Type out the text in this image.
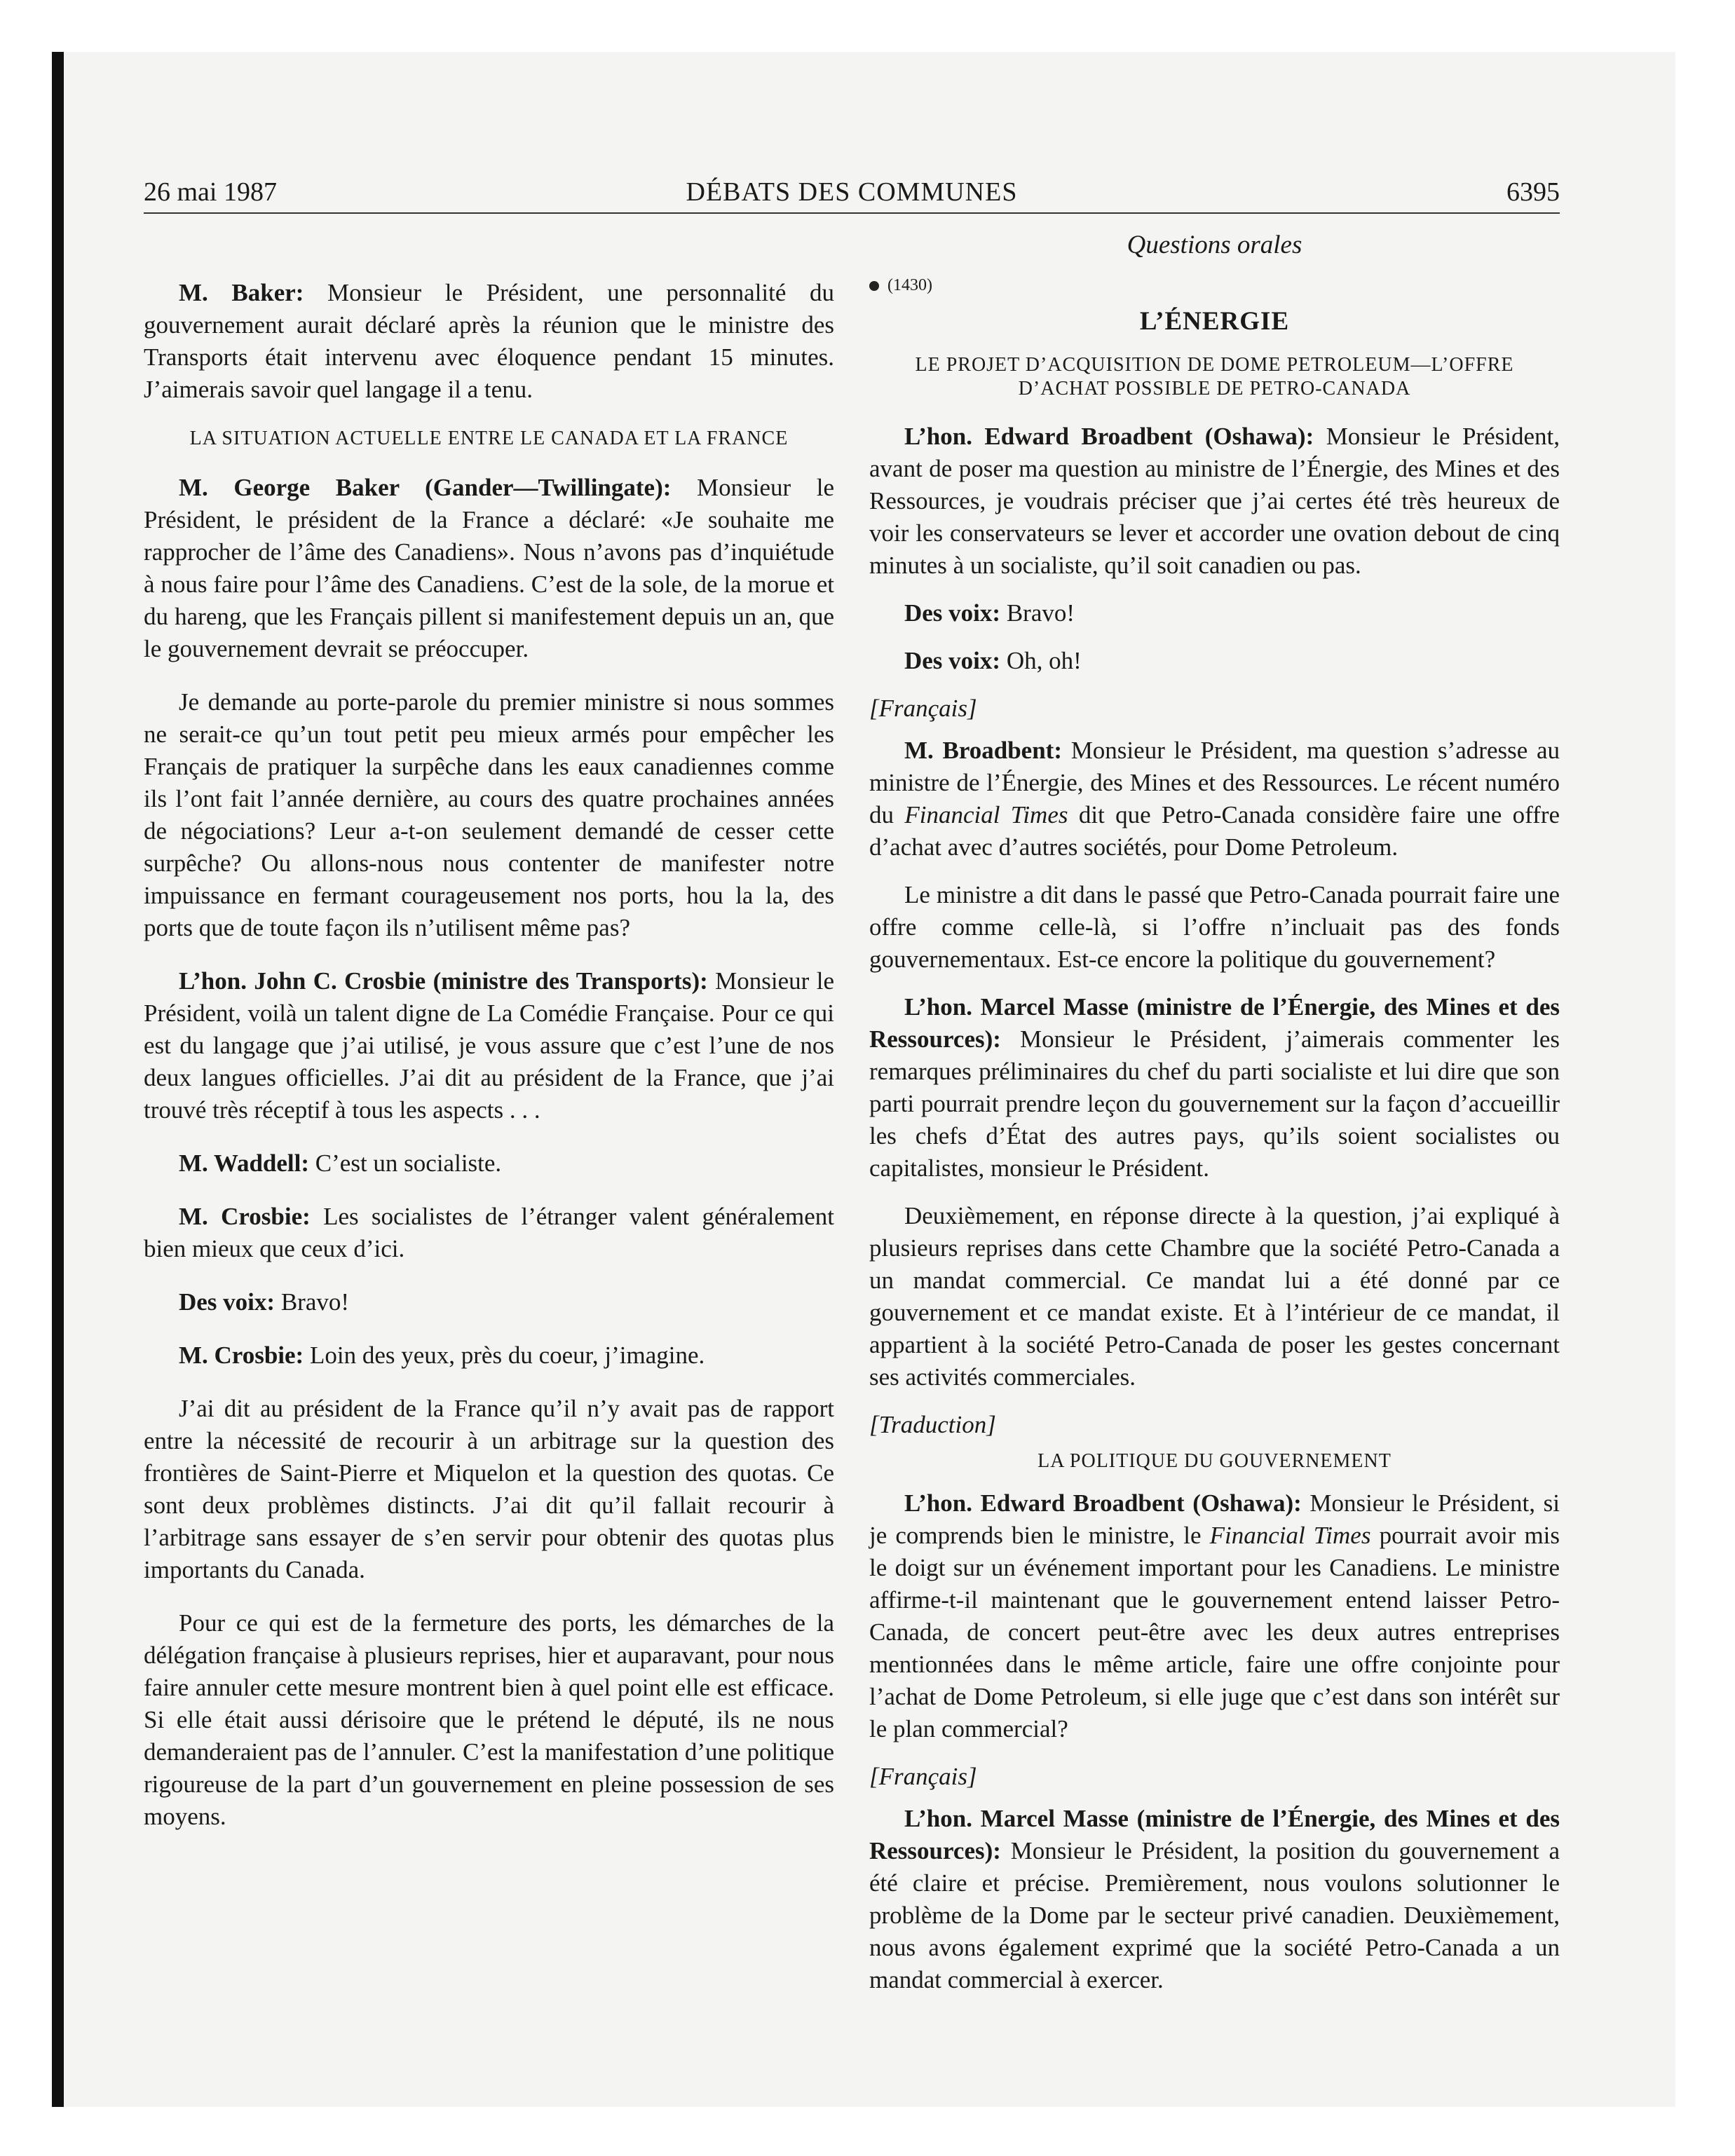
26 mai 1987	DÉBATS DES COMMUNES	6395
Questions orales

M. Baker: Monsieur le Président, une personnalité du gouvernement aurait déclaré après la réunion que le ministre des Transports était intervenu avec éloquence pendant 15 minutes. J’aimerais savoir quel langage il a tenu.

LA SITUATION ACTUELLE ENTRE LE CANADA ET LA FRANCE

M. George Baker (Gander—Twillingate): Monsieur le Président, le président de la France a déclaré: «Je souhaite me rapprocher de l’âme des Canadiens». Nous n’avons pas d’inquiétude à nous faire pour l’âme des Canadiens. C’est de la sole, de la morue et du hareng, que les Français pillent si manifestement depuis un an, que le gouvernement devrait se préoccuper.

Je demande au porte-parole du premier ministre si nous sommes ne serait-ce qu’un tout petit peu mieux armés pour empêcher les Français de pratiquer la surpêche dans les eaux canadiennes comme ils l’ont fait l’année dernière, au cours des quatre prochaines années de négociations? Leur a-t-on seulement demandé de cesser cette surpêche? Ou allons-nous nous contenter de manifester notre impuissance en fermant courageusement nos ports, hou la la, des ports que de toute façon ils n’utilisent même pas?

L’hon. John C. Crosbie (ministre des Transports): Monsieur le Président, voilà un talent digne de La Comédie Française. Pour ce qui est du langage que j’ai utilisé, je vous assure que c’est l’une de nos deux langues officielles. J’ai dit au président de la France, que j’ai trouvé très réceptif à tous les aspects . . .

M. Waddell: C’est un socialiste.

M. Crosbie: Les socialistes de l’étranger valent généralement bien mieux que ceux d’ici.

Des voix: Bravo!

M. Crosbie: Loin des yeux, près du coeur, j’imagine.

J’ai dit au président de la France qu’il n’y avait pas de rapport entre la nécessité de recourir à un arbitrage sur la question des frontières de Saint-Pierre et Miquelon et la question des quotas. Ce sont deux problèmes distincts. J’ai dit qu’il fallait recourir à l’arbitrage sans essayer de s’en servir pour obtenir des quotas plus importants du Canada.

Pour ce qui est de la fermeture des ports, les démarches de la délégation française à plusieurs reprises, hier et auparavant, pour nous faire annuler cette mesure montrent bien à quel point elle est efficace. Si elle était aussi dérisoire que le prétend le député, ils ne nous demanderaient pas de l’annuler. C’est la manifestation d’une politique rigoureuse de la part d’un gouvernement en pleine possession de ses moyens.

(1430)
L’ÉNERGIE
LE PROJET D’ACQUISITION DE DOME PETROLEUM—L’OFFRE D’ACHAT POSSIBLE DE PETRO-CANADA

L’hon. Edward Broadbent (Oshawa): Monsieur le Président, avant de poser ma question au ministre de l’Énergie, des Mines et des Ressources, je voudrais préciser que j’ai certes été très heureux de voir les conservateurs se lever et accorder une ovation debout de cinq minutes à un socialiste, qu’il soit canadien ou pas.

Des voix: Bravo!

Des voix: Oh, oh!

[Français]

M. Broadbent: Monsieur le Président, ma question s’adresse au ministre de l’Énergie, des Mines et des Ressources. Le récent numéro du Financial Times dit que Petro-Canada considère faire une offre d’achat avec d’autres sociétés, pour Dome Petroleum.

Le ministre a dit dans le passé que Petro-Canada pourrait faire une offre comme celle-là, si l’offre n’incluait pas des fonds gouvernementaux. Est-ce encore la politique du gouvernement?

L’hon. Marcel Masse (ministre de l’Énergie, des Mines et des Ressources): Monsieur le Président, j’aimerais commenter les remarques préliminaires du chef du parti socialiste et lui dire que son parti pourrait prendre leçon du gouvernement sur la façon d’accueillir les chefs d’État des autres pays, qu’ils soient socialistes ou capitalistes, monsieur le Président.

Deuxièmement, en réponse directe à la question, j’ai expliqué à plusieurs reprises dans cette Chambre que la société Petro-Canada a un mandat commercial. Ce mandat lui a été donné par ce gouvernement et ce mandat existe. Et à l’intérieur de ce mandat, il appartient à la société Petro-Canada de poser les gestes concernant ses activités commerciales.

[Traduction]

LA POLITIQUE DU GOUVERNEMENT

L’hon. Edward Broadbent (Oshawa): Monsieur le Président, si je comprends bien le ministre, le Financial Times pourrait avoir mis le doigt sur un événement important pour les Canadiens. Le ministre affirme-t-il maintenant que le gouvernement entend laisser Petro-Canada, de concert peut-être avec les deux autres entreprises mentionnées dans le même article, faire une offre conjointe pour l’achat de Dome Petroleum, si elle juge que c’est dans son intérêt sur le plan commercial?

[Français]

L’hon. Marcel Masse (ministre de l’Énergie, des Mines et des Ressources): Monsieur le Président, la position du gouvernement a été claire et précise. Premièrement, nous voulons solutionner le problème de la Dome par le secteur privé canadien. Deuxièmement, nous avons également exprimé que la société Petro-Canada a un mandat commercial à exercer.
